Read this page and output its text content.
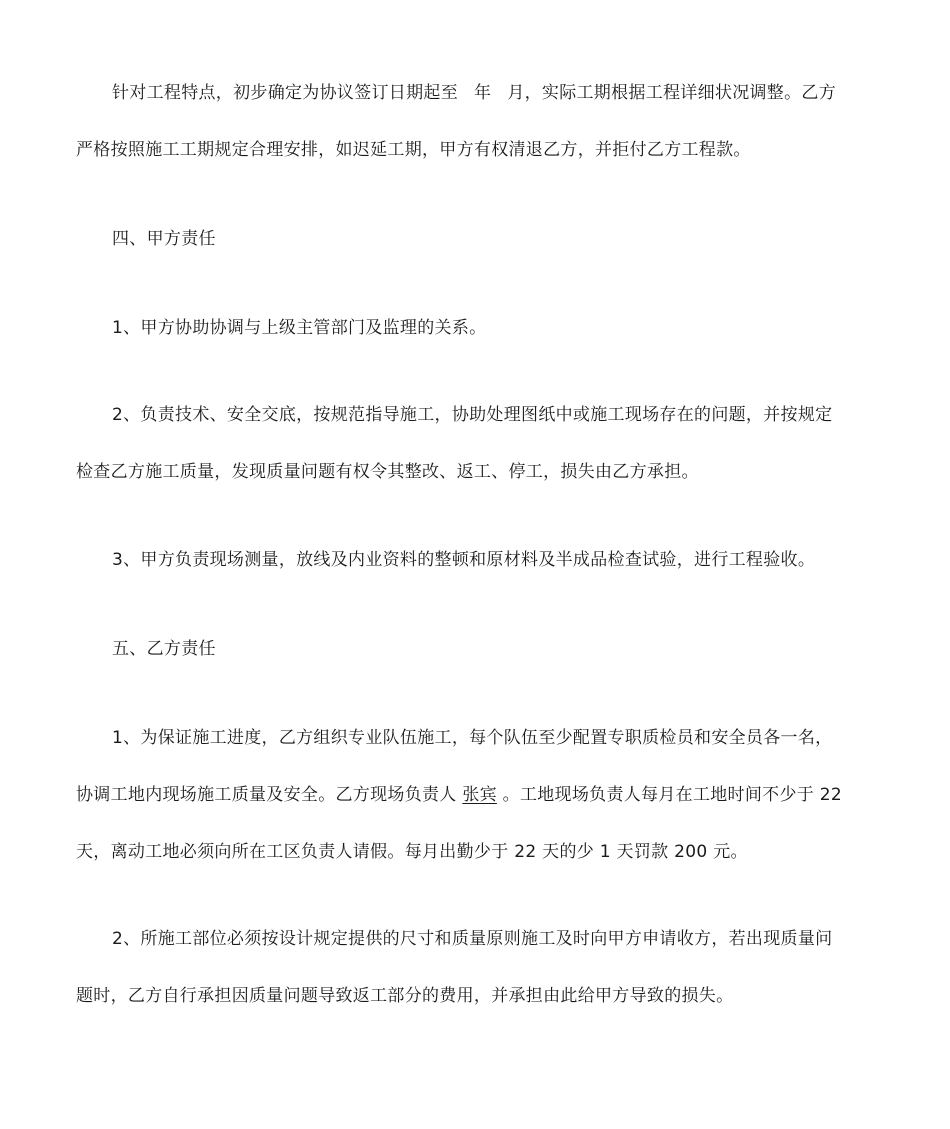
针对工程特点，初步确定为协议签订日期起至 年 月，实际工期根据工程详细状况调整。乙方
严格按照施工工期规定合理安排，如迟延工期，甲方有权清退乙方，并拒付乙方工程款。
四、甲方责任
1、甲方协助协调与上级主管部门及监理的关系。
2、负责技术、安全交底，按规范指导施工，协助处理图纸中或施工现场存在的问题，并按规定
检查乙方施工质量，发现质量问题有权令其整改、返工、停工，损失由乙方承担。
3、甲方负责现场测量，放线及内业资料的整顿和原材料及半成品检查试验，进行工程验收。
五、乙方责任
1、为保证施工进度，乙方组织专业队伍施工，每个队伍至少配置专职质检员和安全员各一名，
协调工地内现场施工质量及安全。乙方现场负责人 张宾 。工地现场负责人每月在工地时间不少于 22
天，离动工地必须向所在工区负责人请假。每月出勤少于 22 天的少 1 天罚款 200 元。
2、所施工部位必须按设计规定提供的尺寸和质量原则施工及时向甲方申请收方，若出现质量问
题时，乙方自行承担因质量问题导致返工部分的费用，并承担由此给甲方导致的损失。
